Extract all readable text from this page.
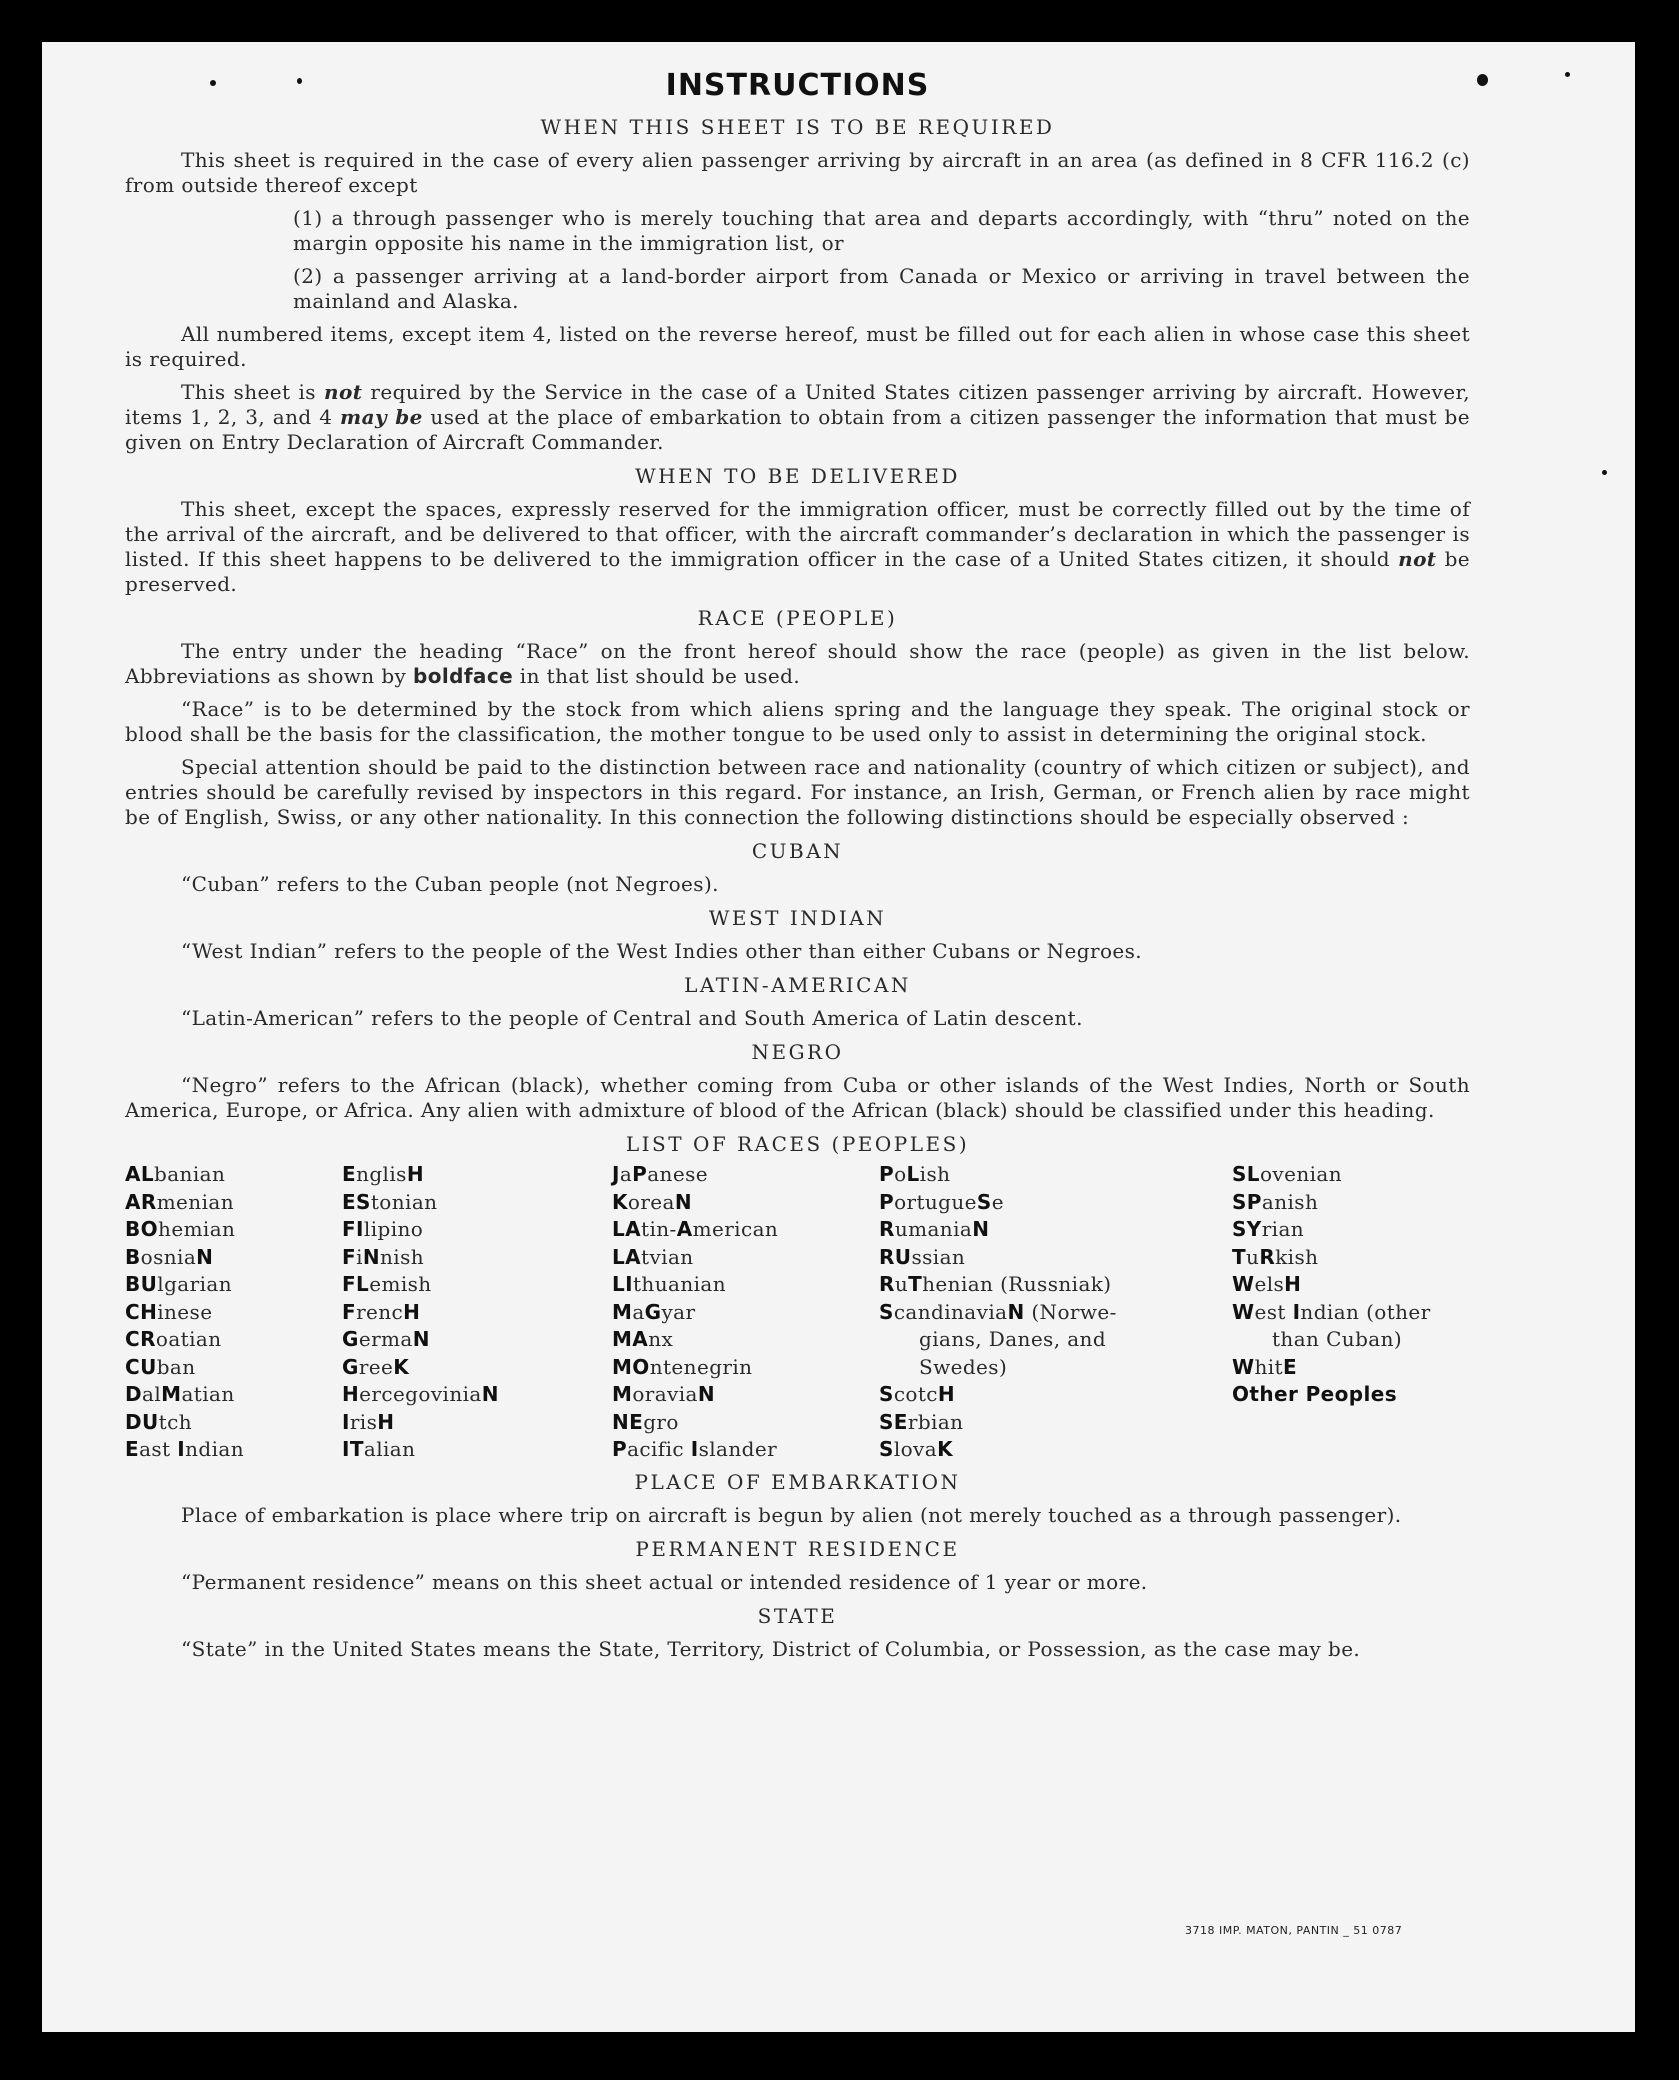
INSTRUCTIONS
WHEN THIS SHEET IS TO BE REQUIRED

This sheet is required in the case of every alien passenger arriving by aircraft in an area (as defined in 8 CFR 116.2 (c) from outside thereof except

(1) a through passenger who is merely touching that area and departs accordingly, with “thru” noted on the margin opposite his name in the immigration list, or

(2) a passenger arriving at a land-border airport from Canada or Mexico or arriving in travel between the mainland and Alaska.

All numbered items, except item 4, listed on the reverse hereof, must be filled out for each alien in whose case this sheet is required.

This sheet is not required by the Service in the case of a United States citizen passenger arriving by aircraft. However, items 1, 2, 3, and 4 may be used at the place of embarkation to obtain from a citizen passenger the information that must be given on Entry Declaration of Aircraft Commander.

WHEN TO BE DELIVERED

This sheet, except the spaces, expressly reserved for the immigration officer, must be correctly filled out by the time of the arrival of the aircraft, and be delivered to that officer, with the aircraft commander’s declaration in which the passenger is listed. If this sheet happens to be delivered to the immigration officer in the case of a United States citizen, it should not be preserved.

RACE (PEOPLE)

The entry under the heading “Race” on the front hereof should show the race (people) as given in the list below. Abbreviations as shown by boldface in that list should be used.

“Race” is to be determined by the stock from which aliens spring and the language they speak. The original stock or blood shall be the basis for the classification, the mother tongue to be used only to assist in determining the original stock.

Special attention should be paid to the distinction between race and nationality (country of which citizen or subject), and entries should be carefully revised by inspectors in this regard. For instance, an Irish, German, or French alien by race might be of English, Swiss, or any other nationality. In this connection the following distinctions should be especially observed :

CUBAN

“Cuban” refers to the Cuban people (not Negroes).

WEST INDIAN

“West Indian” refers to the people of the West Indies other than either Cubans or Negroes.

LATIN-AMERICAN

“Latin-American” refers to the people of Central and South America of Latin descent.

NEGRO

“Negro” refers to the African (black), whether coming from Cuba or other islands of the West Indies, North or South America, Europe, or Africa. Any alien with admixture of blood of the African (black) should be classified under this heading.

LIST OF RACES (PEOPLES)
ALbanian
ARmenian
BOhemian
BosniaN
BUlgarian
CHinese
CRoatian
CUban
DalMatian
DUtch
East Indian
EnglisH
EStonian
FIlipino
FiNnish
FLemish
FrencH
GermaN
GreeK
HercegoviniaN
IrisH
ITalian
JaPanese
KoreaN
LAtin-American
LAtvian
LIthuanian
MaGyar
MAnx
MOntenegrin
MoraviaN
NEgro
Pacific Islander
PoLish
PortugueSe
RumaniaN
RUssian
RuThenian (Russniak)
ScandinaviaN (Norwe-
gians, Danes, and
Swedes)
ScotcH
SErbian
SlovaK
SLovenian
SPanish
SYrian
TuRkish
WelsH
West Indian (other
than Cuban)
WhitE
Other Peoples
PLACE OF EMBARKATION

Place of embarkation is place where trip on aircraft is begun by alien (not merely touched as a through passenger).

PERMANENT RESIDENCE

“Permanent residence” means on this sheet actual or intended residence of 1 year or more.

STATE

“State” in the United States means the State, Territory, District of Columbia, or Possession, as the case may be.

3718 IMP. MATON, PANTIN _ 51 0787
